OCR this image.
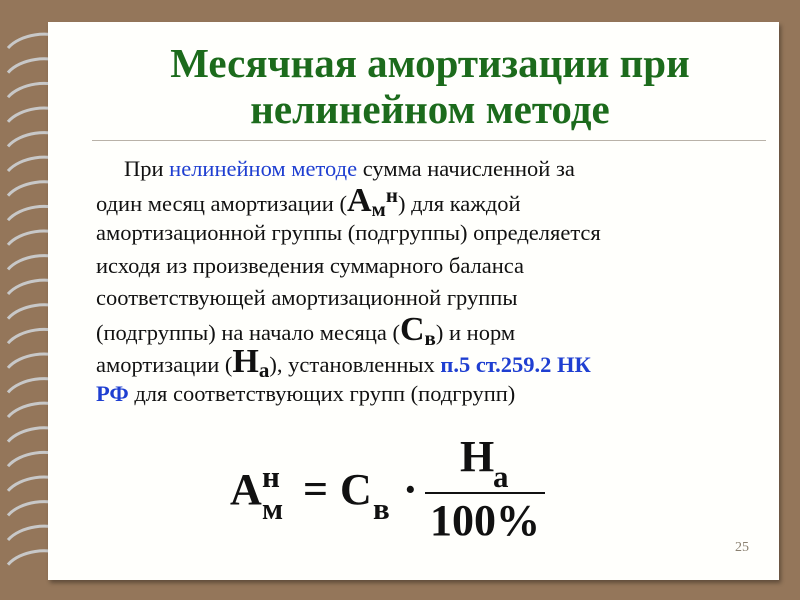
Месячная амортизации при
нелинейном методе

При нелинейном методе сумма начисленной за
один месяц амортизации (Амн) для каждой
амортизационной группы (подгруппы) определяется
исходя из произведения суммарного баланса
соответствующей амортизационной группы
(подгруппы) на начало месяца (Св) и норм
амортизации (На), установленных п.5 ст.259.2 НК
РФ для соответствующих групп (подгрупп)

А н
м = С в ·
Н
а
100%
25
